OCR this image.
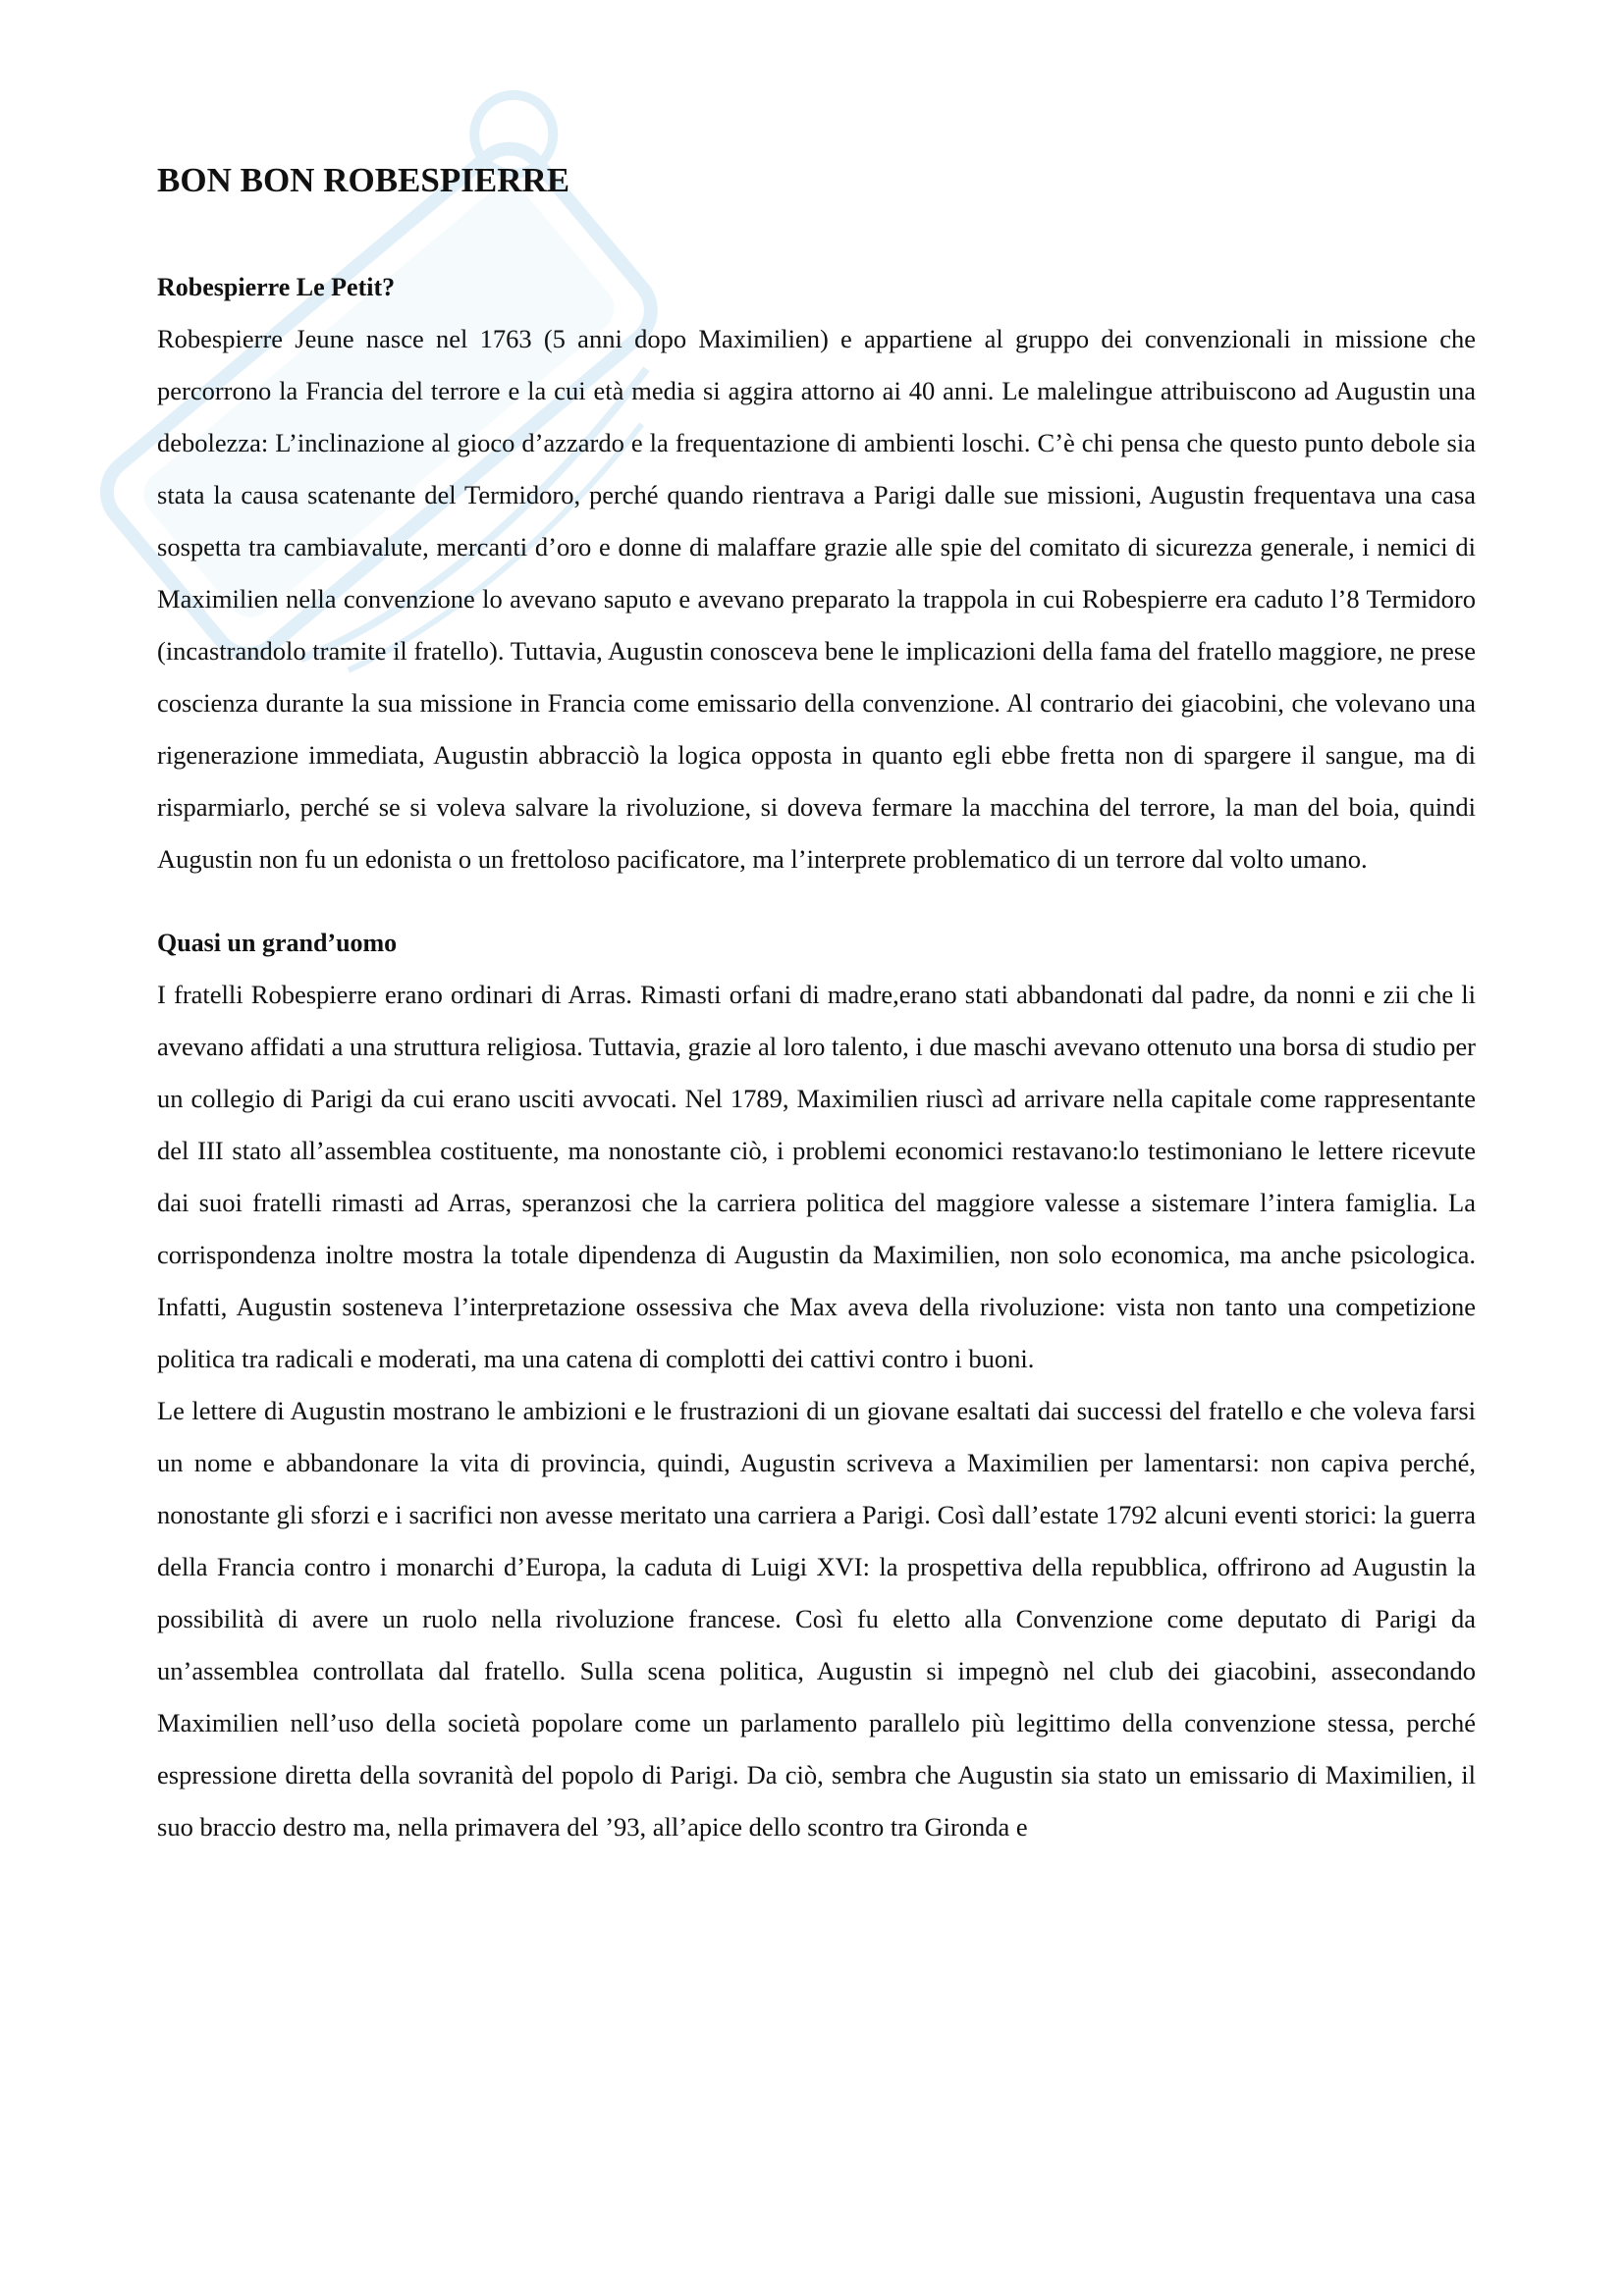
BON BON ROBESPIERRE
Robespierre Le Petit?

Robespierre Jeune nasce nel 1763 (5 anni dopo Maximilien) e appartiene al gruppo dei convenzionali in missione che percorrono la Francia del terrore e la cui età media si aggira attorno ai 40 anni. Le malelingue attribuiscono ad Augustin una debolezza: L’inclinazione al gioco d’azzardo e la frequentazione di ambienti loschi. C’è chi pensa che questo punto debole sia stata la causa scatenante del Termidoro, perché quando rientrava a Parigi dalle sue missioni, Augustin frequentava una casa sospetta tra cambiavalute, mercanti d’oro e donne di malaffare grazie alle spie del comitato di sicurezza generale, i nemici di Maximilien nella convenzione lo avevano saputo e avevano preparato la trappola in cui Robespierre era caduto l’8 Termidoro (incastrandolo tramite il fratello). Tuttavia, Augustin conosceva bene le implicazioni della fama del fratello maggiore, ne prese coscienza durante la sua missione in Francia come emissario della convenzione. Al contrario dei giacobini, che volevano una rigenerazione immediata, Augustin abbracciò la logica opposta in quanto egli ebbe fretta non di spargere il sangue, ma di risparmiarlo, perché se si voleva salvare la rivoluzione, si doveva fermare la macchina del terrore, la man del boia, quindi Augustin non fu un edonista o un frettoloso pacificatore, ma l’interprete problematico di un terrore dal volto umano.

Quasi un grand’uomo

I fratelli Robespierre erano ordinari di Arras. Rimasti orfani di madre,erano stati abbandonati dal padre, da nonni e zii che li avevano affidati a una struttura religiosa. Tuttavia, grazie al loro talento, i due maschi avevano ottenuto una borsa di studio per un collegio di Parigi da cui erano usciti avvocati. Nel 1789, Maximilien riuscì ad arrivare nella capitale come rappresentante del III stato all’assemblea costituente, ma nonostante ciò, i problemi economici restavano:lo testimoniano le lettere ricevute dai suoi fratelli rimasti ad Arras, speranzosi che la carriera politica del maggiore valesse a sistemare l’intera famiglia. La corrispondenza inoltre mostra la totale dipendenza di Augustin da Maximilien, non solo economica, ma anche psicologica. Infatti, Augustin sosteneva l’interpretazione ossessiva che Max aveva della rivoluzione: vista non tanto una competizione politica tra radicali e moderati, ma una catena di complotti dei cattivi contro i buoni.

Le lettere di Augustin mostrano le ambizioni e le frustrazioni di un giovane esaltati dai successi del fratello e che voleva farsi un nome e abbandonare la vita di provincia, quindi, Augustin scriveva a Maximilien per lamentarsi: non capiva perché, nonostante gli sforzi e i sacrifici non avesse meritato una carriera a Parigi. Così dall’estate 1792 alcuni eventi storici: la guerra della Francia contro i monarchi d’Europa, la caduta di Luigi XVI: la prospettiva della repubblica, offrirono ad Augustin la possibilità di avere un ruolo nella rivoluzione francese. Così fu eletto alla Convenzione come deputato di Parigi da un’assemblea controllata dal fratello. Sulla scena politica, Augustin si impegnò nel club dei giacobini, assecondando Maximilien nell’uso della società popolare come un parlamento parallelo più legittimo della convenzione stessa, perché espressione diretta della sovranità del popolo di Parigi. Da ciò, sembra che Augustin sia stato un emissario di Maximilien, il suo braccio destro ma, nella primavera del ’93, all’apice dello scontro tra Gironda e
